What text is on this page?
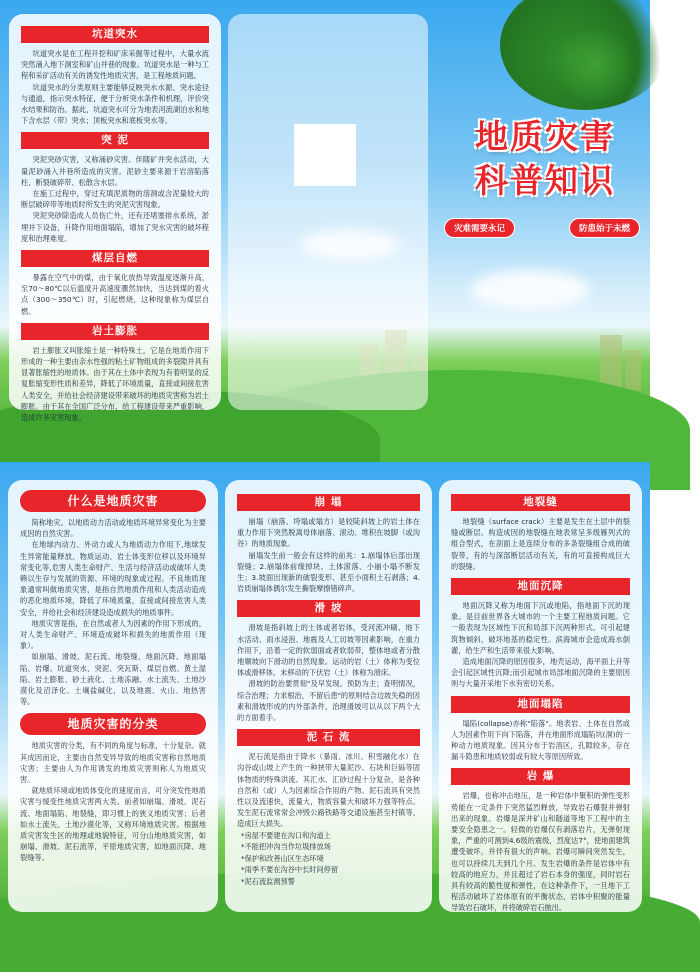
坑道突水

坑道突水是在工程开挖和矿床采掘等过程中，大量水流突然涌入地下洞室和矿山井巷的现象。坑道突水是一种与工程和采矿活动有关的诱发性地质灾害，是工程地质问题。

坑道突水的分类原则主要能够反映突水水源、突水途径与通道，指示突水特征，便于分析突水条件和机理，评价突水结果和防治。据此，坑道突水可分为地表河流湖泊水和地下含水层（带）突水；顶板突水和底板突水等。

突 泥

突泥突砂灾害，又称涌砂灾害。伴随矿井突水活动，大量泥砂涌入井巷所造成的灾害。泥砂主要来源于岩溶陷落柱、断裂破碎带、松散含水层。

在施工过程中，穿过充填泥质物的溶洞或含泥量较大的断层破碎带等地质时所发生的突泥灾害现象。

突泥突砂除造成人员伤亡外，还有还堵塞排水系统，淤埋井下设备，升降作用地面塌陷，增加了突水灾害的破坏程度和治理难度。

煤层自燃

暴露在空气中的煤，由于氧化放热导致温度逐渐升高，至70～80℃以后温度升高速度骤然加快，当达到煤的着火点（300～350℃）时，引起燃烧，这种现象称为煤层自燃。

岩土膨胀

岩土膨胀又叫胀缩土是一种特殊土，它是在地质作用下形成的一种主要由亲水性强的粘土矿物组成的多裂隙并具有显著胀缩性的地质体。由于其在土体中表现为有着明显的反复胀缩变形性质和差异，降低了环境质量，直接或间接危害人类安全，并给社会经济建设带来破坏的地质灾害称为岩土膨胀。由于其在全国广泛分布，给工程建设带来严重影响，造成许多灾害现象。

地质灾害
科普知识
灾难需要永记	防患始于未燃
什么是地质灾害

简称地灾。以地质动力活动或地质环境异常变化为主要成因的自然灾害。

在地球内动力、外动力或人为地质动力作用下,地球发生异常能量释放、物质运动、岩土体变形位移以及环境异常变化等,危害人类生命财产、生活与经济活动或破坏人类赖以生存与发展的资源、环境的现象或过程。不良地质现象通常叫做地质灾害，是指自然地质作用和人类活动造成的恶化地质环境，降低了环境质量，直接或间接危害人类安全，并给社会和经济建设造成损失的地质事件。

地质灾害是指，在自然或者人为因素的作用下形成的，对人类生命财产、环境造成破坏和损失的地质作用（现象）。

如崩塌、滑坡、泥石流、地裂缝、地面沉降、地面塌陷、岩爆、坑道突水、突泥、突瓦斯、煤层自燃、黄土湿陷、岩土膨胀、砂土液化、土地冻融、水土流失、土地沙漠化及沼泽化、土壤盐碱化，以及地震、火山、地热害等。

地质灾害的分类

地质灾害的分类，有不同的角度与标准，十分复杂。就其成因而论，主要由自然变异导致的地质灾害称自然地质灾害；主要由人为作用诱发的地质灾害则称人为地质灾害。

就地质环境或地质体变化的速度而言，可分突发性地质灾害与缓变性地质灾害两大类。前者如崩塌、滑坡、泥石流、地面塌陷、地裂缝，即习惯上的狭义地质灾害；后者如水土流失、土地沙漠化等，又称环境地质灾害。根据地质灾害发生区的地理或地貌特征，可分山地地质灾害，如崩塌、滑坡、泥石流等，平原地质灾害，如地面沉降、地裂缝等。

崩 塌

崩塌（崩落、垮塌或塌方）是较陡斜坡上的岩土体在重力作用下突然脱离母体崩落、滚动、堆积在坡脚（或沟谷）的地质现象。

崩塌发生前一般会有这样的前兆：1.崩塌体后部出现裂缝；2.崩塌体前缘掉块、土体滚落、小崩小塌不断发生；3.坡面出现新的破裂变形、甚至小面积土石剥落；4.岩质崩塌体偶尔发生撕裂摩擦错碎声。

滑 坡

滑坡是指斜坡上的土体或者岩体，受河流冲刷、地下水活动、雨水浸泡、地震及人工切坡等因素影响，在重力作用下，沿着一定的软弱面或者软弱带，整体地或者分散地顺坡向下滑动的自然现象。运动的岩（土）体称为变位体或滑移体，未移动的下伏岩（土）体称为滑床。

滑坡的防治要贯彻"及早发现，预防为主；查明情况，综合治理；力求根治，不留后患"的原则结合边坡失稳的因素和滑坡形成的内外部条件，治理滑坡可以从以下两个大的方面着手。

泥 石 流

泥石流是指由于降水（暴雨、冰川、积雪融化水）在沟谷或山坡上产生的一种挟带大量泥沙、石块和巨砾等固体物质的特殊洪流。其汇水、汇砂过程十分复杂，是各种自然和（或）人为因素综合作用的产物。泥石流具有突然性以及流速快，流量大，物质容量大和破坏力强等特点。发生泥石流常常会冲毁公路铁路等交通设施甚至村镇等，造成巨大损失。

*房屋不要建在沟口和沟道上
*不能把冲沟当作垃圾排放场
*保护和改善山区生态环境
*雨季不要在沟谷中长时间停留
*泥石流监测预警
地裂缝

地裂缝（surface crack）主要是发生在土层中的裂缝或断层。构造成因的地裂缝在地表常呈多级雁列式的组合型式，在剖面上是连续分布的多条裂缝组合成的破裂带，有的与深部断层活动有关，有的可直接构成巨大的裂缝。

地面沉降

地面沉降又称为地面下沉或地陷，指地面下沉的现象。是目前世界各大城市的一个主要工程地质问题。它一般表现为区域性下沉和局部下沉两种形式。可引起建筑物倾斜，破坏地基的稳定性。滨海城市会造成海水倒灌，给生产和生活带来很大影响。

造成地面沉降的原因很多，地壳运动，海平面上升等会引起区域性沉降;而引起城市局部地面沉降的主要原因则与大量开采地下水有密切关系。

地面塌陷

塌陷(collapse)亦称"陷落"。地表岩、土体在自然或人为因素作用下向下陷落，并在地面形成塌陷坑(洞)的一种动力地质现象。因其分布于岩溶区，孔隙较多，存在漏斗隐患和地质较弱或有较大等原因所致。

岩 爆

岩爆，也称冲击地压，是一种岩体中聚积的弹性变形势能在一定条件下突然猛烈释放，导致岩石爆裂并弹射出来的现象。岩爆是深井矿山和隧道等地下工程中的主要安全隐患之一。轻微的岩爆仅有剥落岩片，无弹射现象，严重的可测到4.6级的震级，烈度达7°，使地面建筑遭受破坏，并伴有很大的声响。岩爆可瞬间突然发生，也可以持续几天到几个月。发生岩爆的条件是岩体中有较高的地应力，并且超过了岩石本身的强度，同时岩石具有较高的脆性度和弹性，在这种条件下，一旦地下工程活动破坏了岩体原有的平衡状态，岩体中积聚的能量导致岩石破坏，并将破碎岩石抛出。
